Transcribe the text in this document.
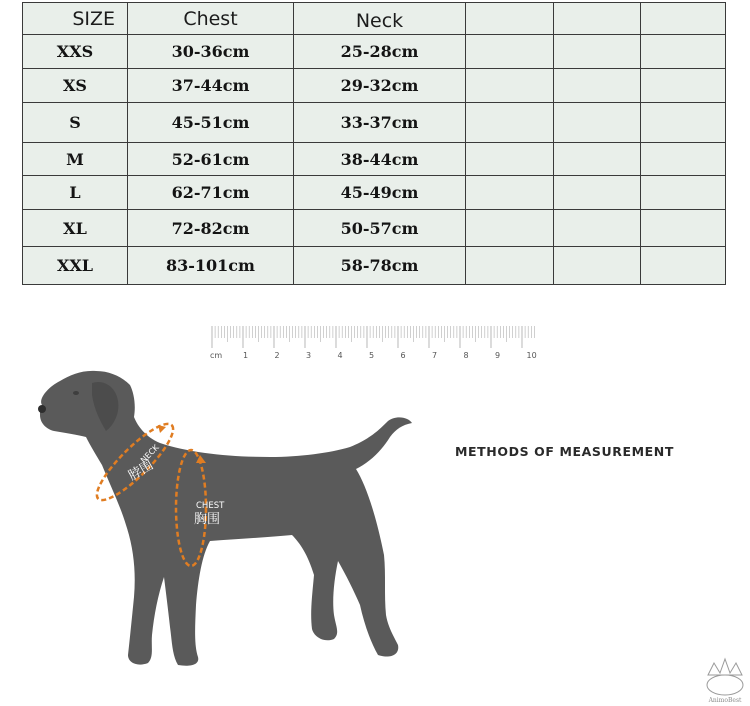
SIZE	Chest	Neck			
XXS	30-36cm	25-28cm			
XS	37-44cm	29-32cm			
S	45-51cm	33-37cm			
M	52-61cm	38-44cm			
L	62-71cm	45-49cm			
XL	72-82cm	50-57cm			
XXL	83-101cm	58-78cm			
cm	1	2	3	4	5	6	7	8	9	10
NECK
脖围
CHEST
胸围
METHODS OF MEASUREMENT
AnimoBest
